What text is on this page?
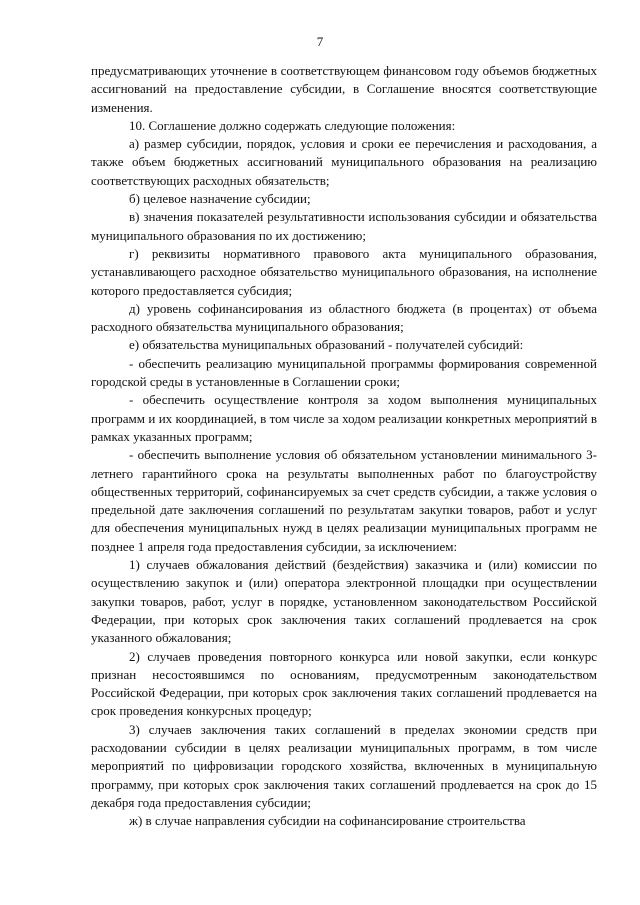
7

предусматривающих уточнение в соответствующем финансовом году объемов бюджетных ассигнований на предоставление субсидии, в Соглашение вносятся соответствующие изменения.

10. Соглашение должно содержать следующие положения:

а) размер субсидии, порядок, условия и сроки ее перечисления и расходования, а также объем бюджетных ассигнований муниципального образования на реализацию соответствующих расходных обязательств;

б) целевое назначение субсидии;

в) значения показателей результативности использования субсидии и обязательства муниципального образования по их достижению;

г) реквизиты нормативного правового акта муниципального образования, устанавливающего расходное обязательство муниципального образования, на исполнение которого предоставляется субсидия;

д) уровень софинансирования из областного бюджета (в процентах) от объема расходного обязательства муниципального образования;

е) обязательства муниципальных образований - получателей субсидий:

- обеспечить реализацию муниципальной программы формирования современной городской среды в установленные в Соглашении сроки;

- обеспечить осуществление контроля за ходом выполнения муниципальных программ и их координацией, в том числе за ходом реализации конкретных мероприятий в рамках указанных программ;

- обеспечить выполнение условия об обязательном установлении минимального 3-летнего гарантийного срока на результаты выполненных работ по благоустройству общественных территорий, софинансируемых за счет средств субсидии, а также условия о предельной дате заключения соглашений по результатам закупки товаров, работ и услуг для обеспечения муниципальных нужд в целях реализации муниципальных программ не позднее 1 апреля года предоставления субсидии, за исключением:

1) случаев обжалования действий (бездействия) заказчика и (или) комиссии по осуществлению закупок и (или) оператора электронной площадки при осуществлении закупки товаров, работ, услуг в порядке, установленном законодательством Российской Федерации, при которых срок заключения таких соглашений продлевается на срок указанного обжалования;

2) случаев проведения повторного конкурса или новой закупки, если конкурс признан несостоявшимся по основаниям, предусмотренным законодательством Российской Федерации, при которых срок заключения таких соглашений продлевается на срок проведения конкурсных процедур;

3) случаев заключения таких соглашений в пределах экономии средств при расходовании субсидии в целях реализации муниципальных программ, в том числе мероприятий по цифровизации городского хозяйства, включенных в муниципальную программу, при которых срок заключения таких соглашений продлевается на срок до 15 декабря года предоставления субсидии;

ж) в случае направления субсидии на софинансирование строительства
